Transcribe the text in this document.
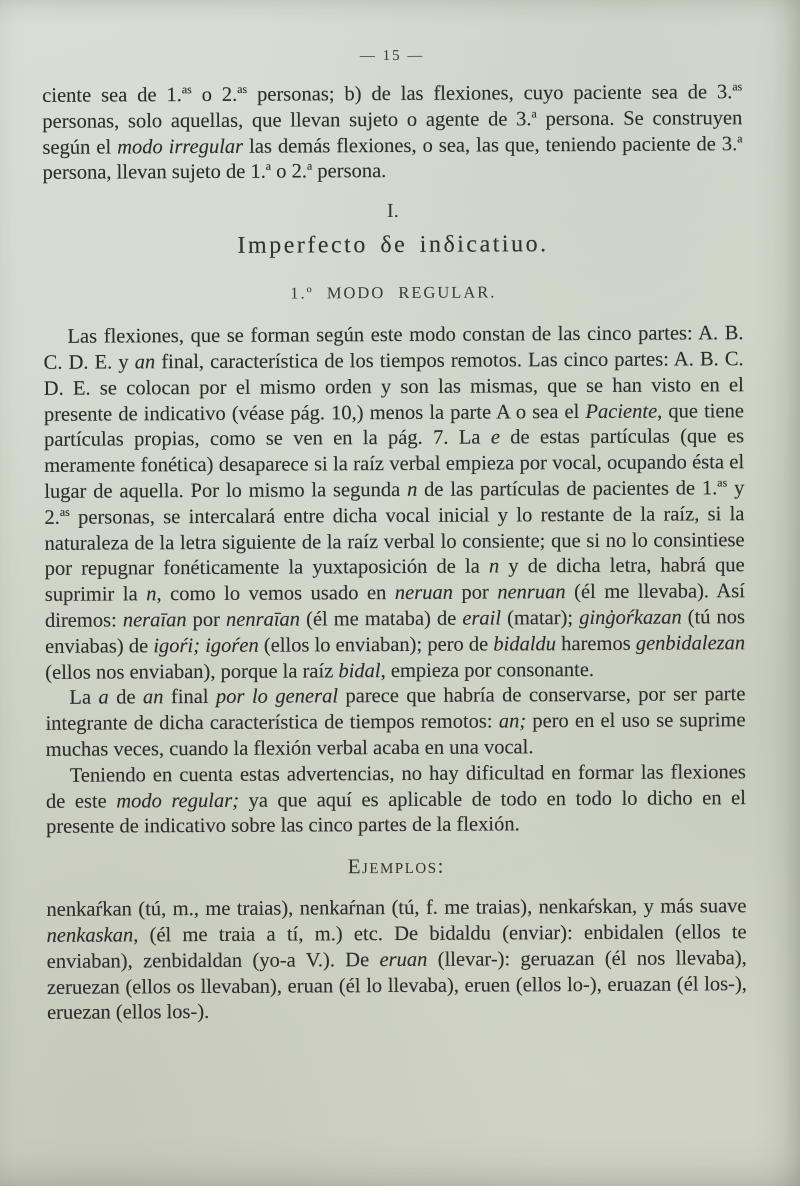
— 15 —

ciente sea de 1.$^{as}$ o 2.$^{as}$ personas; b) de las flexiones, cuyo paciente sea de 3.$^{as}$ personas, solo aquellas, que llevan sujeto o agente de 3.$^a$ persona. Se construyen según el modo irregular las demás flexiones, o sea, las que, teniendo paciente de 3.$^a$ persona, llevan sujeto de 1.$^a$ o 2.$^a$ persona.

I.
Imperfecto δe inδicatiuo.
1.º MODO REGULAR.

Las flexiones, que se forman según este modo constan de las cinco partes: A. B. C. D. E. y an final, característica de los tiempos remotos. Las cinco partes: A. B. C. D. E. se colocan por el mismo orden y son las mismas, que se han visto en el presente de indicativo (véase pág. 10,) menos la parte A o sea el Paciente, que tiene partículas propias, como se ven en la pág. 7. La e de estas partículas (que es meramente fonética) desaparece si la raíz verbal empieza por vocal, ocupando ésta el lugar de aquella. Por lo mismo la segunda n de las partículas de pacientes de 1.$^{as}$ y 2.$^{as}$ personas, se intercalará entre dicha vocal inicial y lo restante de la raíz, si la naturaleza de la letra siguiente de la raíz verbal lo consiente; que si no lo consintiese por repugnar fonéticamente la yuxtaposición de la n y de dicha letra, habrá que suprimir la n, como lo vemos usado en neruan por nenruan (él me llevaba). Así diremos: neraīan por nenraīan (él me mataba) de erail (matar); ginġoŕkazan (tú nos enviabas) de igoŕi; igoŕen (ellos lo enviaban); pero de bidaldu haremos genbidalezan (ellos nos enviaban), porque la raíz bidal, empieza por consonante.

La a de an final por lo general parece que habría de conservarse, por ser parte integrante de dicha característica de tiempos remotos: an; pero en el uso se suprime muchas veces, cuando la flexión verbal acaba en una vocal.

Teniendo en cuenta estas advertencias, no hay dificultad en formar las flexiones de este modo regular; ya que aquí es aplicable de todo en todo lo dicho en el presente de indicativo sobre las cinco partes de la flexión.

Ejemplos:

nenkaŕkan (tú, m., me traias), nenkaŕnan (tú, f. me traias), nenkaŕskan, y más suave nenkaskan, (él me traia a tí, m.) etc. De bidaldu (enviar): enbidalen (ellos te enviaban), zenbidaldan (yo-a V.). De eruan (llevar-): geruazan (él nos llevaba), zeruezan (ellos os llevaban), eruan (él lo llevaba), eruen (ellos lo-), eruazan (él los-), eruezan (ellos los-).
